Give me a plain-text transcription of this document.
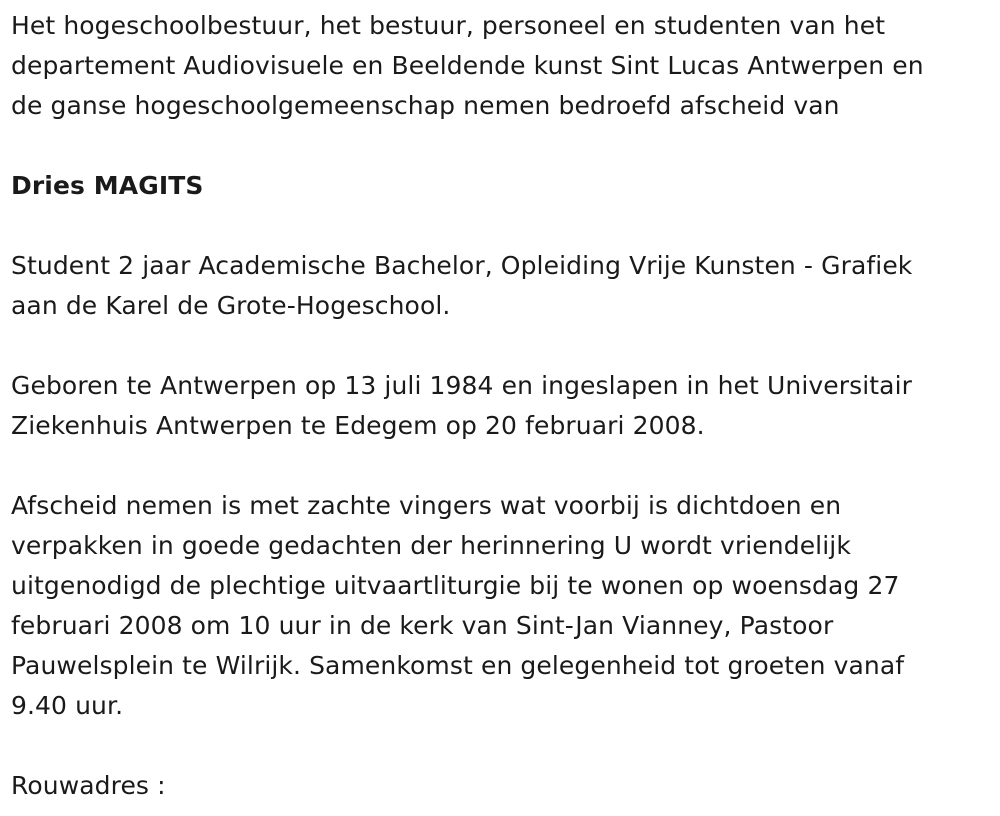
Het hogeschoolbestuur, het bestuur, personeel en studenten van het
departement Audiovisuele en Beeldende kunst Sint Lucas Antwerpen en
de ganse hogeschoolgemeenschap nemen bedroefd afscheid van

Dries MAGITS

Student 2 jaar Academische Bachelor, Opleiding Vrije Kunsten - Grafiek
aan de Karel de Grote-Hogeschool.

Geboren te Antwerpen op 13 juli 1984 en ingeslapen in het Universitair
Ziekenhuis Antwerpen te Edegem op 20 februari 2008.

Afscheid nemen is met zachte vingers wat voorbij is dichtdoen en
verpakken in goede gedachten der herinnering U wordt vriendelijk
uitgenodigd de plechtige uitvaartliturgie bij te wonen op woensdag 27
februari 2008 om 10 uur in de kerk van Sint-Jan Vianney, Pastoor
Pauwelsplein te Wilrijk. Samenkomst en gelegenheid tot groeten vanaf
9.40 uur.

Rouwadres :
